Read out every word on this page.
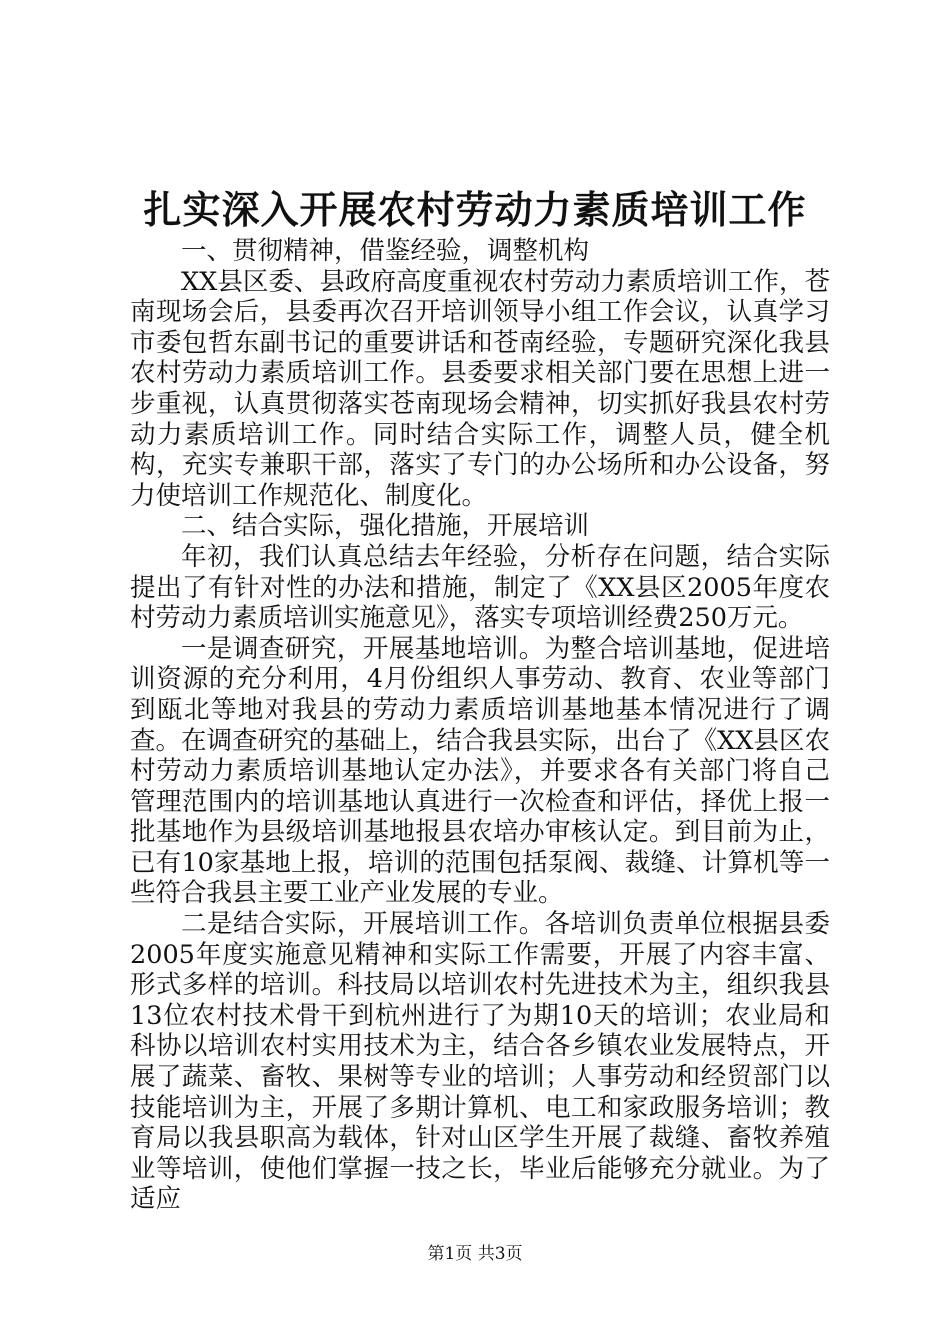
扎实深入开展农村劳动力素质培训工作

一、贯彻精神，借鉴经验，调整机构

XX县区委、县政府高度重视农村劳动力素质培训工作，苍南现场会后，县委再次召开培训领导小组工作会议，认真学习市委包哲东副书记的重要讲话和苍南经验，专题研究深化我县农村劳动力素质培训工作。县委要求相关部门要在思想上进一步重视，认真贯彻落实苍南现场会精神，切实抓好我县农村劳动力素质培训工作。同时结合实际工作，调整人员，健全机构，充实专兼职干部，落实了专门的办公场所和办公设备，努力使培训工作规范化、制度化。

二、结合实际，强化措施，开展培训

年初，我们认真总结去年经验，分析存在问题，结合实际提出了有针对性的办法和措施，制定了《XX县区2005年度农村劳动力素质培训实施意见》，落实专项培训经费250万元。

一是调查研究，开展基地培训。为整合培训基地，促进培训资源的充分利用，4月份组织人事劳动、教育、农业等部门到瓯北等地对我县的劳动力素质培训基地基本情况进行了调查。在调查研究的基础上，结合我县实际，出台了《XX县区农村劳动力素质培训基地认定办法》，并要求各有关部门将自己管理范围内的培训基地认真进行一次检查和评估，择优上报一批基地作为县级培训基地报县农培办审核认定。到目前为止，已有10家基地上报，培训的范围包括泵阀、裁缝、计算机等一些符合我县主要工业产业发展的专业。

二是结合实际，开展培训工作。各培训负责单位根据县委2005年度实施意见精神和实际工作需要，开展了内容丰富、形式多样的培训。科技局以培训农村先进技术为主，组织我县13位农村技术骨干到杭州进行了为期10天的培训；农业局和科协以培训农村实用技术为主，结合各乡镇农业发展特点，开展了蔬菜、畜牧、果树等专业的培训；人事劳动和经贸部门以技能培训为主，开展了多期计算机、电工和家政服务培训；教育局以我县职高为载体，针对山区学生开展了裁缝、畜牧养殖业等培训，使他们掌握一技之长，毕业后能够充分就业。为了适应

第1页 共3页
